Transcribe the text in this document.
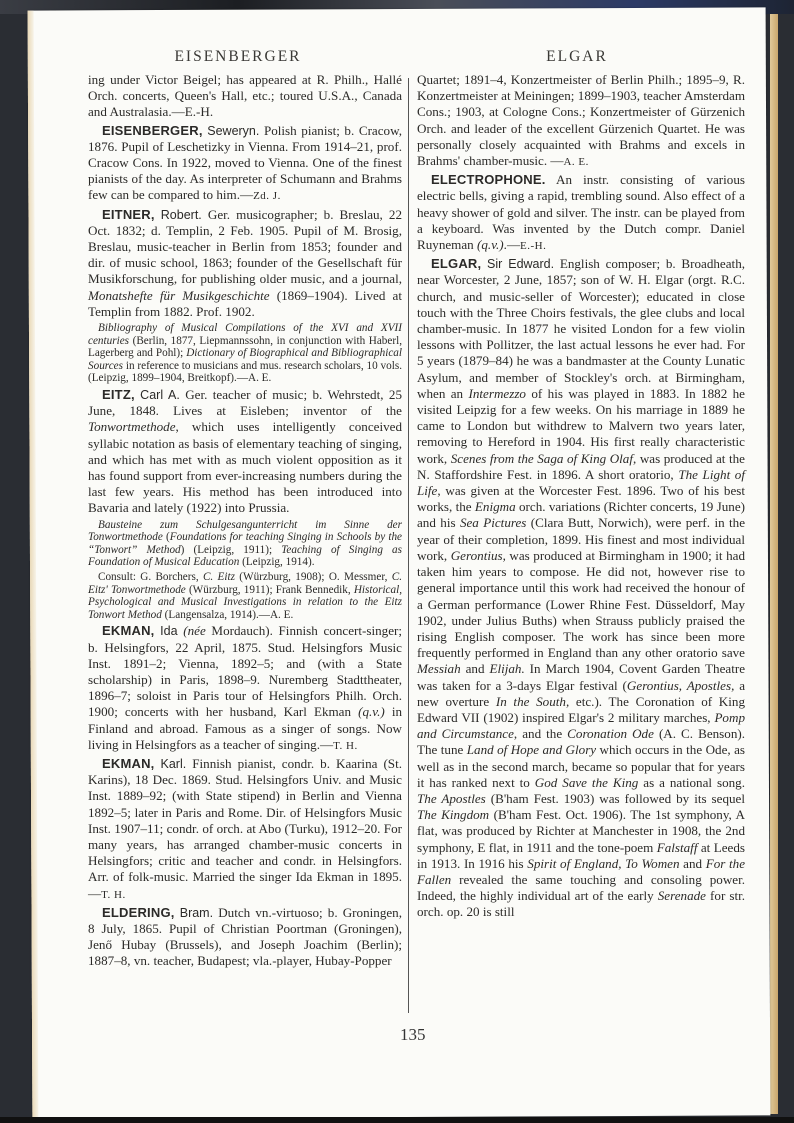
EISENBERGER	ELGAR

ing under Victor Beigel; has appeared at R. Philh., Hallé Orch. concerts, Queen's Hall, etc.; toured U.S.A., Canada and Australasia.—E.-H.

EISENBERGER, Seweryn. Polish pianist; b. Cracow, 1876. Pupil of Leschetizky in Vienna. From 1914–21, prof. Cracow Cons. In 1922, moved to Vienna. One of the finest pianists of the day. As interpreter of Schumann and Brahms few can be compared to him.—Zd. J.

EITNER, Robert. Ger. musicographer; b. Breslau, 22 Oct. 1832; d. Templin, 2 Feb. 1905. Pupil of M. Brosig, Breslau, music-teacher in Berlin from 1853; founder and dir. of music school, 1863; founder of the Gesellschaft für Musikforschung, for publishing older music, and a journal, Monatshefte für Musikgeschichte (1869–1904). Lived at Templin from 1882. Prof. 1902.

Bibliography of Musical Compilations of the XVI and XVII centuries (Berlin, 1877, Liepmannssohn, in conjunction with Haberl, Lagerberg and Pohl); Dictionary of Biographical and Bibliographical Sources in reference to musicians and mus. research scholars, 10 vols. (Leipzig, 1899–1904, Breitkopf).—A. E.

EITZ, Carl A. Ger. teacher of music; b. Wehrstedt, 25 June, 1848. Lives at Eisleben; inventor of the Tonwortmethode, which uses intelligently conceived syllabic notation as basis of elementary teaching of singing, and which has met with as much violent opposition as it has found support from ever-increasing numbers during the last few years. His method has been introduced into Bavaria and lately (1922) into Prussia.

Bausteine zum Schulgesangunterricht im Sinne der Tonwortmethode (Foundations for teaching Singing in Schools by the “Tonwort” Method) (Leipzig, 1911); Teaching of Singing as Foundation of Musical Education (Leipzig, 1914).

Consult: G. Borchers, C. Eitz (Würzburg, 1908); O. Messmer, C. Eitz' Tonwortmethode (Würzburg, 1911); Frank Bennedik, Historical, Psychological and Musical Investigations in relation to the Eitz Tonwort Method (Langensalza, 1914).—A. E.

EKMAN, Ida (née Mordauch). Finnish concert-singer; b. Helsingfors, 22 April, 1875. Stud. Helsingfors Music Inst. 1891–2; Vienna, 1892–5; and (with a State scholarship) in Paris, 1898–9. Nuremberg Stadttheater, 1896–7; soloist in Paris tour of Helsingfors Philh. Orch. 1900; concerts with her husband, Karl Ekman (q.v.) in Finland and abroad. Famous as a singer of songs. Now living in Helsingfors as a teacher of singing.—T. H.

EKMAN, Karl. Finnish pianist, condr. b. Kaarina (St. Karins), 18 Dec. 1869. Stud. Helsingfors Univ. and Music Inst. 1889–92; (with State stipend) in Berlin and Vienna 1892–5; later in Paris and Rome. Dir. of Helsingfors Music Inst. 1907–11; condr. of orch. at Abo (Turku), 1912–20. For many years, has arranged chamber-music concerts in Helsingfors; critic and teacher and condr. in Helsingfors. Arr. of folk-music. Married the singer Ida Ekman in 1895.—T. H.

ELDERING, Bram. Dutch vn.-virtuoso; b. Groningen, 8 July, 1865. Pupil of Christian Poortman (Groningen), Jenő Hubay (Brussels), and Joseph Joachim (Berlin); 1887–8, vn. teacher, Budapest; vla.-player, Hubay-Popper

Quartet; 1891–4, Konzertmeister of Berlin Philh.; 1895–9, R. Konzertmeister at Meiningen; 1899–1903, teacher Amsterdam Cons.; 1903, at Cologne Cons.; Konzertmeister of Gürzenich Orch. and leader of the excellent Gürzenich Quartet. He was personally closely acquainted with Brahms and excels in Brahms' chamber-music. —A. E.

ELECTROPHONE. An instr. consisting of various electric bells, giving a rapid, trembling sound. Also effect of a heavy shower of gold and silver. The instr. can be played from a keyboard. Was invented by the Dutch compr. Daniel Ruyneman (q.v.).—E.-H.

ELGAR, Sir Edward. English composer; b. Broadheath, near Worcester, 2 June, 1857; son of W. H. Elgar (orgt. R.C. church, and music-seller of Worcester); educated in close touch with the Three Choirs festivals, the glee clubs and local chamber-music. In 1877 he visited London for a few violin lessons with Pollitzer, the last actual lessons he ever had. For 5 years (1879–84) he was a bandmaster at the County Lunatic Asylum, and member of Stockley's orch. at Birmingham, when an Intermezzo of his was played in 1883. In 1882 he visited Leipzig for a few weeks. On his marriage in 1889 he came to London but withdrew to Malvern two years later, removing to Hereford in 1904. His first really characteristic work, Scenes from the Saga of King Olaf, was produced at the N. Staffordshire Fest. in 1896. A short oratorio, The Light of Life, was given at the Worcester Fest. 1896. Two of his best works, the Enigma orch. variations (Richter concerts, 19 June) and his Sea Pictures (Clara Butt, Norwich), were perf. in the year of their completion, 1899. His finest and most individual work, Gerontius, was produced at Birmingham in 1900; it had taken him years to compose. He did not, however rise to general importance until this work had received the honour of a German performance (Lower Rhine Fest. Düsseldorf, May 1902, under Julius Buths) when Strauss publicly praised the rising English composer. The work has since been more frequently performed in England than any other oratorio save Messiah and Elijah. In March 1904, Covent Garden Theatre was taken for a 3-days Elgar festival (Gerontius, Apostles, a new overture In the South, etc.). The Coronation of King Edward VII (1902) inspired Elgar's 2 military marches, Pomp and Circumstance, and the Coronation Ode (A. C. Benson). The tune Land of Hope and Glory which occurs in the Ode, as well as in the second march, became so popular that for years it has ranked next to God Save the King as a national song. The Apostles (B'ham Fest. 1903) was followed by its sequel The Kingdom (B'ham Fest. Oct. 1906). The 1st symphony, A flat, was produced by Richter at Manchester in 1908, the 2nd symphony, E flat, in 1911 and the tone-poem Falstaff at Leeds in 1913. In 1916 his Spirit of England, To Women and For the Fallen revealed the same touching and consoling power. Indeed, the highly individual art of the early Serenade for str. orch. op. 20 is still

135
